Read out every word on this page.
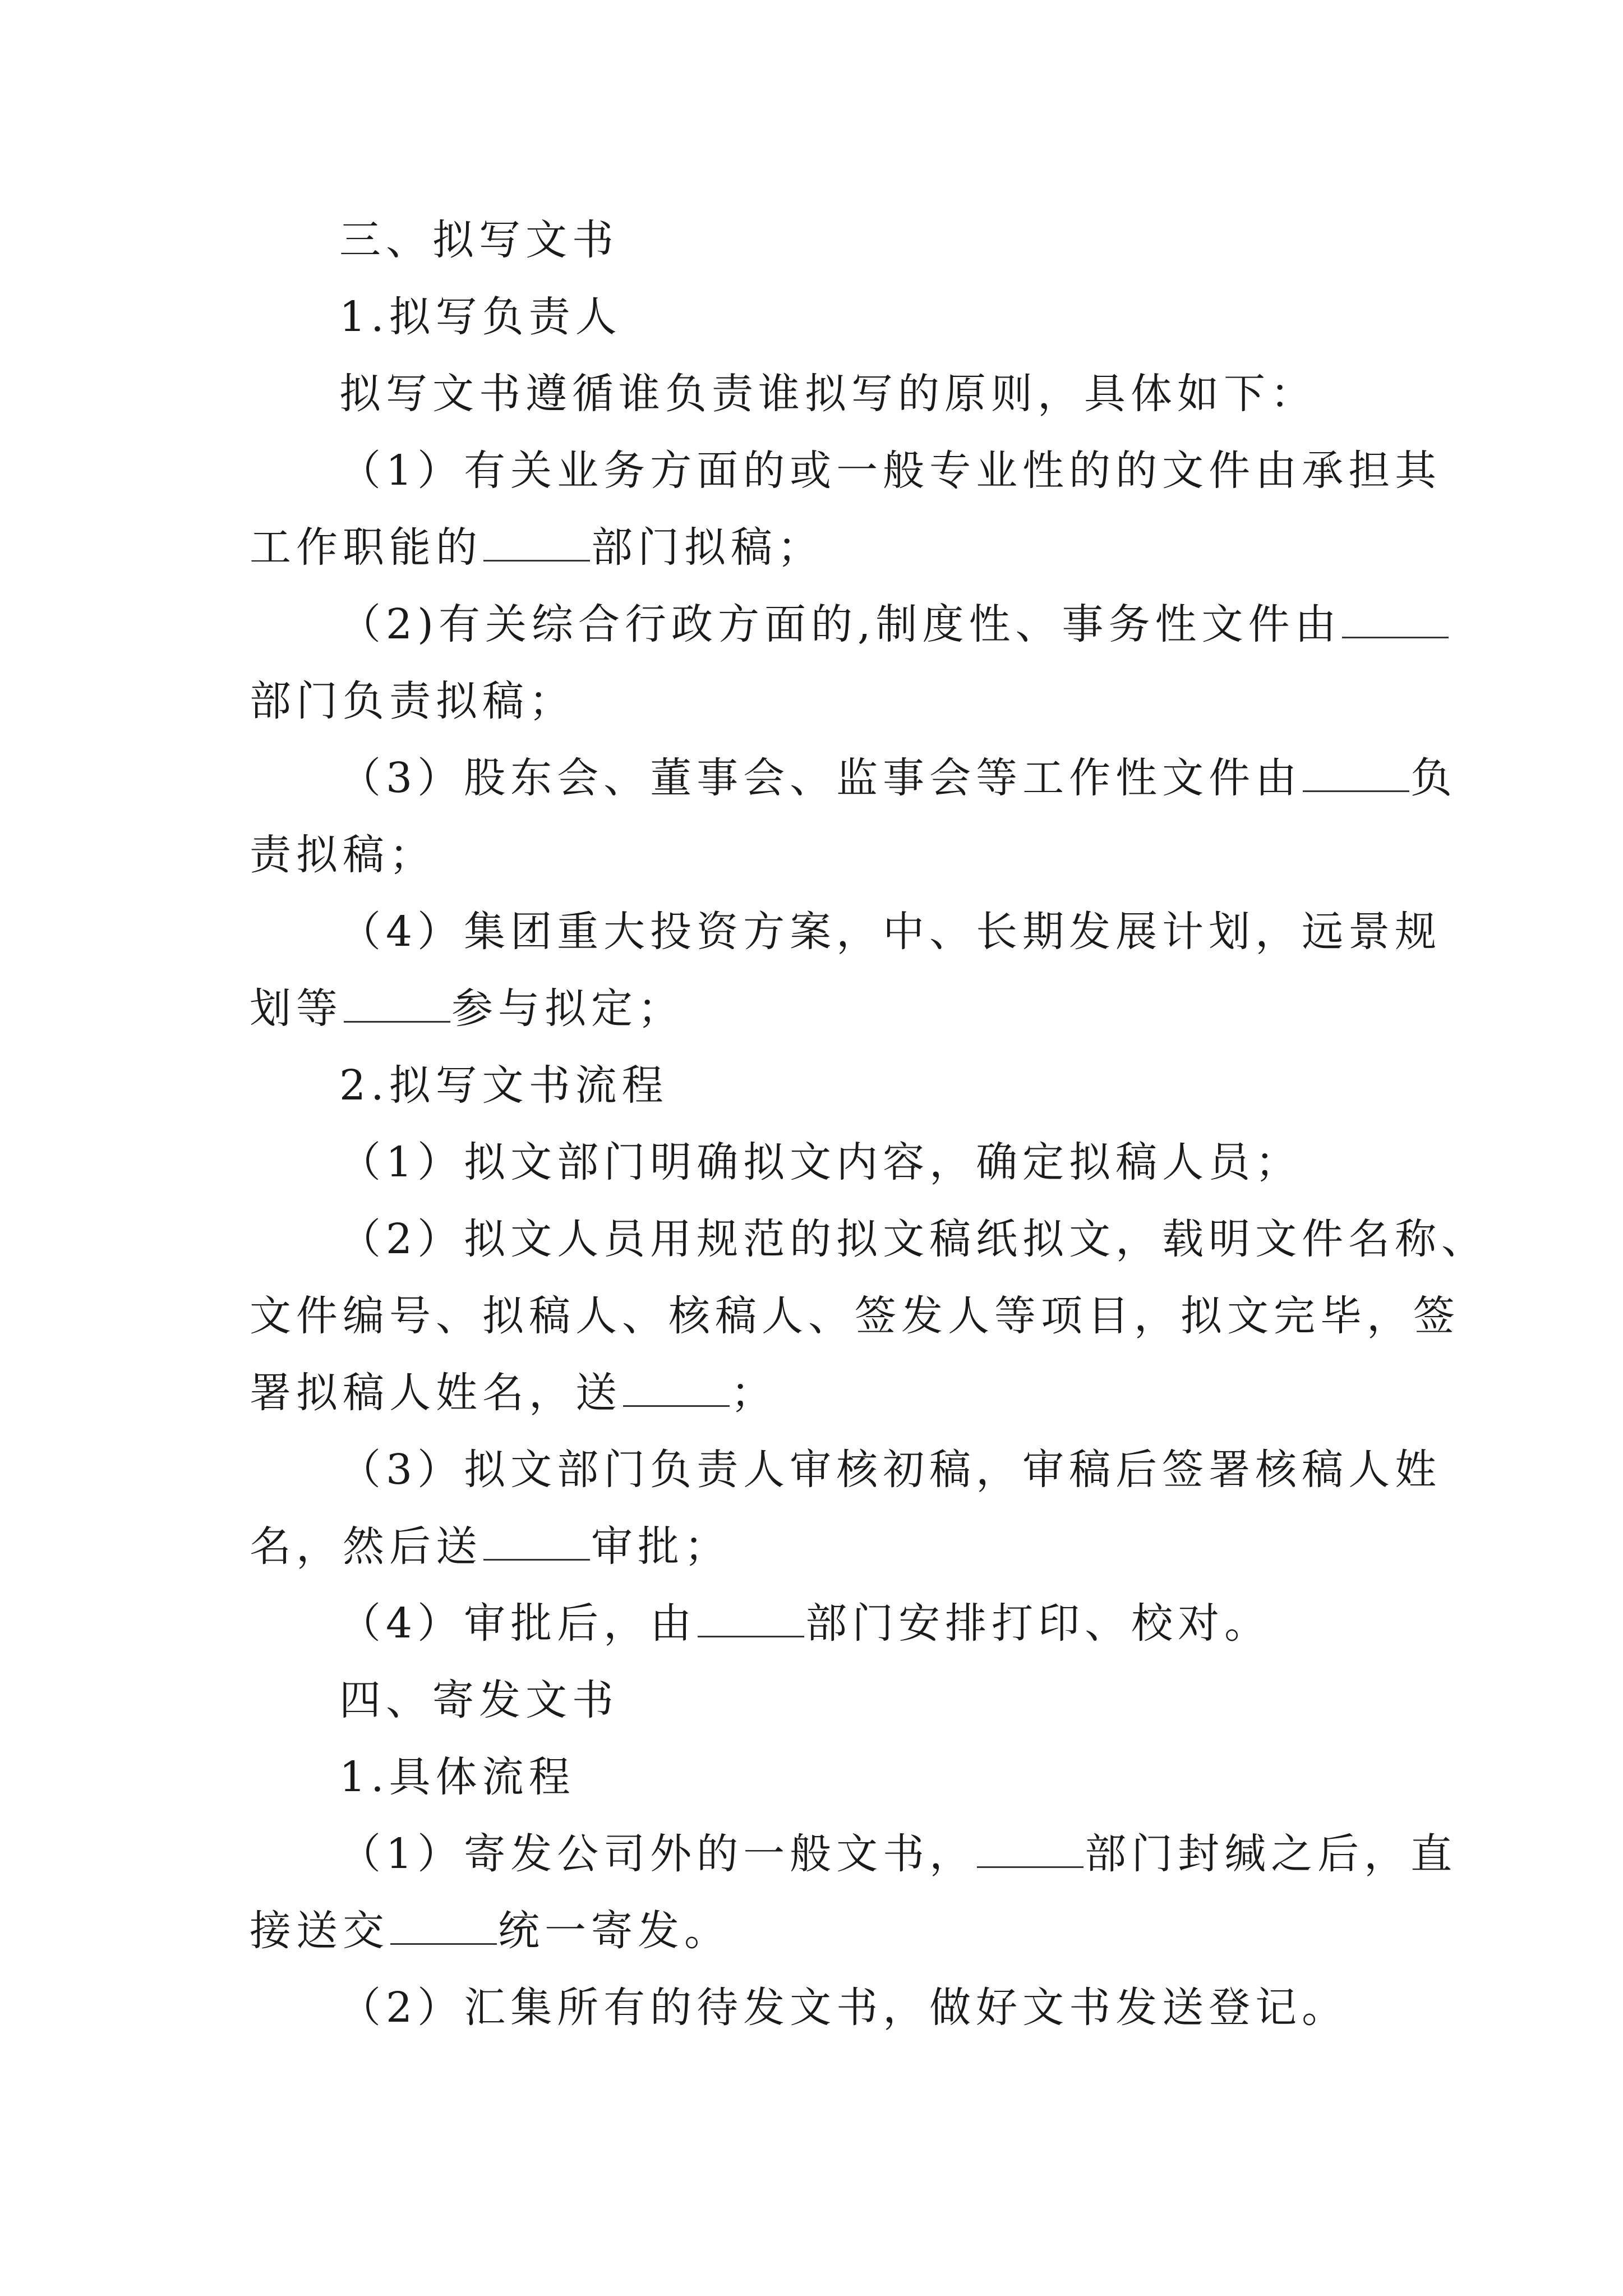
三、拟写文书

1.拟写负责人

拟写文书遵循谁负责谁拟写的原则，具体如下：

（1）有关业务方面的或一般专业性的的文件由承担其

工作职能的	部门拟稿；

（2)有关综合行政方面的,制度性、事务性文件由

部门负责拟稿；

（3）股东会、董事会、监事会等工作性文件由	负

责拟稿；

（4）集团重大投资方案，中、长期发展计划，远景规

划等	参与拟定；

2.拟写文书流程

（1）拟文部门明确拟文内容，确定拟稿人员；

（2）拟文人员用规范的拟文稿纸拟文，载明文件名称、

文件编号、拟稿人、核稿人、签发人等项目，拟文完毕，签

署拟稿人姓名，送	；

（3）拟文部门负责人审核初稿，审稿后签署核稿人姓

名，然后送	审批；

（4）审批后，由	部门安排打印、校对。

四、寄发文书

1.具体流程

（1）寄发公司外的一般文书，	部门封缄之后，直

接送交	统一寄发。

（2）汇集所有的待发文书，做好文书发送登记。
